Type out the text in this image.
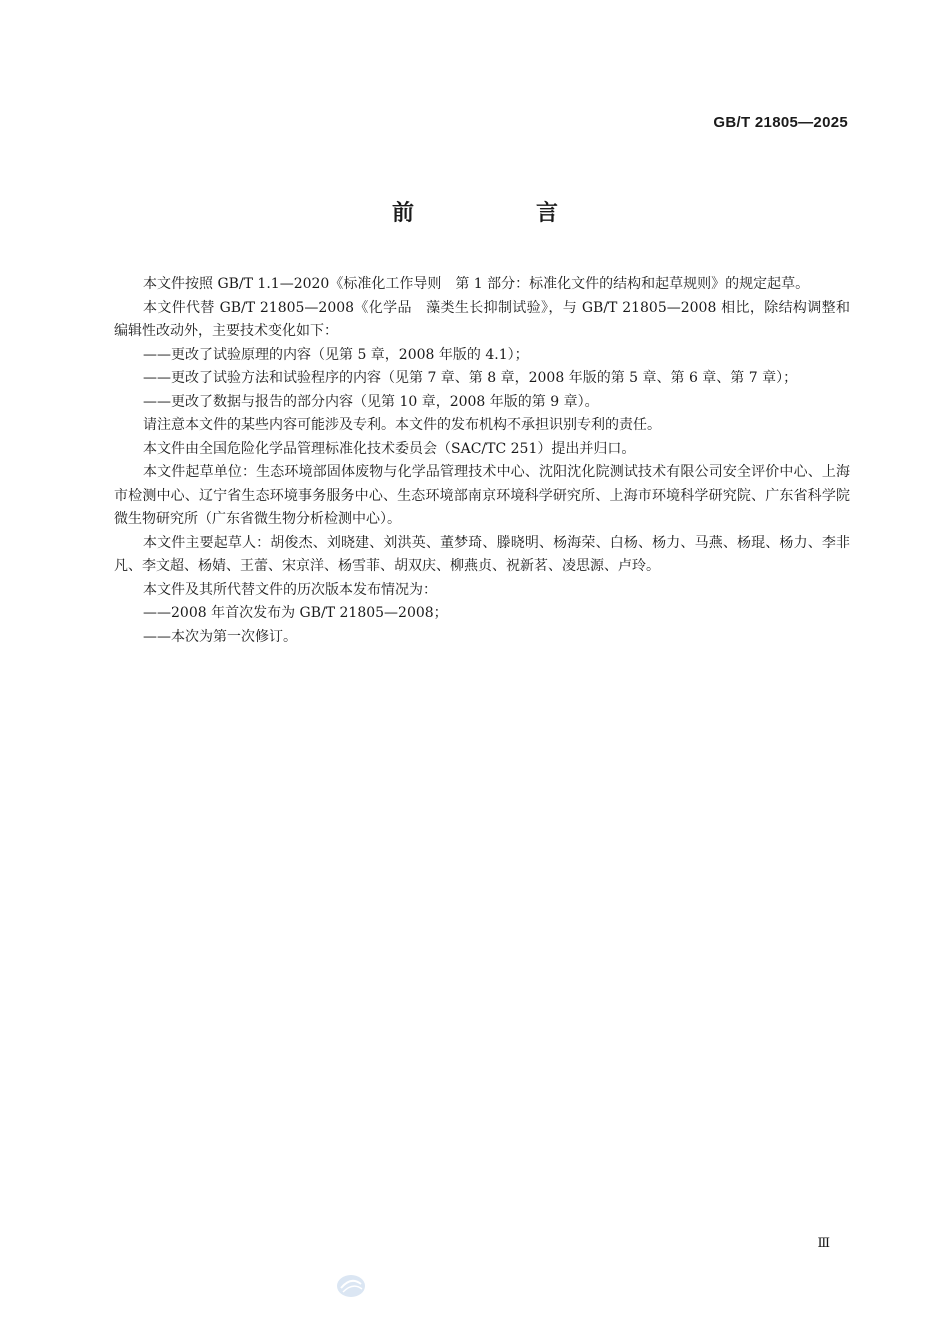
GB/T 21805—2025
前　言

本文件按照 GB/T 1.1—2020《标准化工作导则　第 1 部分：标准化文件的结构和起草规则》的规定起草。

本文件代替 GB/T 21805—2008《化学品　藻类生长抑制试验》，与 GB/T 21805—2008 相比，除结构调整和编辑性改动外，主要技术变化如下：

——更改了试验原理的内容（见第 5 章，2008 年版的 4.1）；

——更改了试验方法和试验程序的内容（见第 7 章、第 8 章，2008 年版的第 5 章、第 6 章、第 7 章）；

——更改了数据与报告的部分内容（见第 10 章，2008 年版的第 9 章）。

请注意本文件的某些内容可能涉及专利。本文件的发布机构不承担识别专利的责任。

本文件由全国危险化学品管理标准化技术委员会（SAC/TC 251）提出并归口。

本文件起草单位：生态环境部固体废物与化学品管理技术中心、沈阳沈化院测试技术有限公司安全评价中心、上海市检测中心、辽宁省生态环境事务服务中心、生态环境部南京环境科学研究所、上海市环境科学研究院、广东省科学院微生物研究所（广东省微生物分析检测中心）。

本文件主要起草人：胡俊杰、刘晓建、刘洪英、董梦琦、滕晓明、杨海荣、白杨、杨力、马燕、杨琨、杨力、李非凡、李文超、杨婧、王蕾、宋京洋、杨雪菲、胡双庆、柳燕贞、祝新茗、凌思源、卢玲。

本文件及其所代替文件的历次版本发布情况为：

——2008 年首次发布为 GB/T 21805—2008；

——本次为第一次修订。

Ⅲ
